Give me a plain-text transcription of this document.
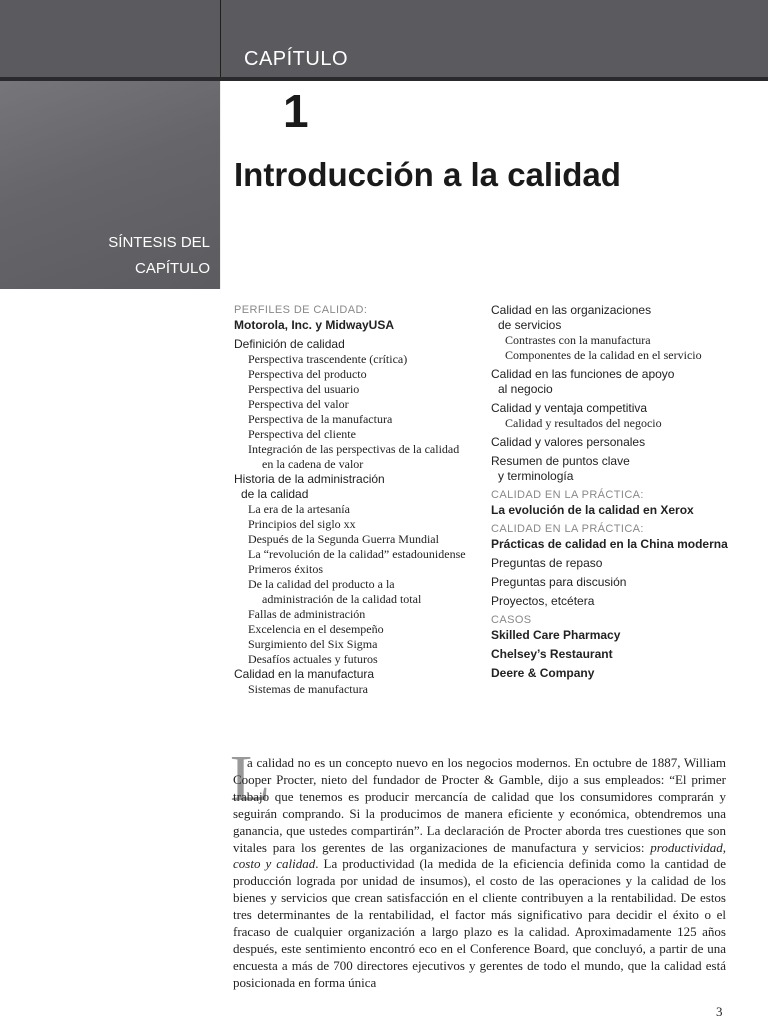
CAPÍTULO
1
Introducción a la calidad
SÍNTESIS DEL
CAPÍTULO
PERFILES DE CALIDAD:
Motorola, Inc. y MidwayUSA
Definición de calidad
Perspectiva trascendente (crítica)
Perspectiva del producto
Perspectiva del usuario
Perspectiva del valor
Perspectiva de la manufactura
Perspectiva del cliente
Integración de las perspectivas de la calidad
en la cadena de valor
Historia de la administración
de la calidad
La era de la artesanía
Principios del siglo xx
Después de la Segunda Guerra Mundial
La “revolución de la calidad” estadounidense
Primeros éxitos
De la calidad del producto a la
administración de la calidad total
Fallas de administración
Excelencia en el desempeño
Surgimiento del Six Sigma
Desafíos actuales y futuros
Calidad en la manufactura
Sistemas de manufactura
Calidad en las organizaciones
de servicios
Contrastes con la manufactura
Componentes de la calidad en el servicio
Calidad en las funciones de apoyo
al negocio
Calidad y ventaja competitiva
Calidad y resultados del negocio
Calidad y valores personales
Resumen de puntos clave
y terminología
CALIDAD EN LA PRÁCTICA:
La evolución de la calidad en Xerox
CALIDAD EN LA PRÁCTICA:
Prácticas de calidad en la China moderna
Preguntas de repaso
Preguntas para discusión
Proyectos, etcétera
CASOS
Skilled Care Pharmacy
Chelsey’s Restaurant
Deere & Company
L

a calidad no es un concepto nuevo en los negocios modernos. En octubre de 1887, William Cooper Procter, nieto del fundador de Procter & Gamble, dijo a sus empleados: “El primer trabajo que tenemos es producir mercancía de calidad que los consumidores comprarán y seguirán comprando. Si la producimos de manera eficiente y económica, obtendremos una ganancia, que ustedes compartirán”. La declaración de Procter aborda tres cuestiones que son vitales para los gerentes de las organizaciones de manufactura y servicios: productividad, costo y calidad. La productividad (la medida de la eficiencia definida como la cantidad de producción lograda por unidad de insumos), el costo de las operaciones y la calidad de los bienes y servicios que crean satisfacción en el cliente contribuyen a la rentabilidad. De estos tres determinantes de la rentabilidad, el factor más significativo para decidir el éxito o el fracaso de cualquier organización a largo plazo es la calidad. Aproximadamente 125 años después, este sentimiento encontró eco en el Conference Board, que concluyó, a partir de una encuesta a más de 700 directores ejecutivos y gerentes de todo el mundo, que la calidad está posicionada en forma única

3
